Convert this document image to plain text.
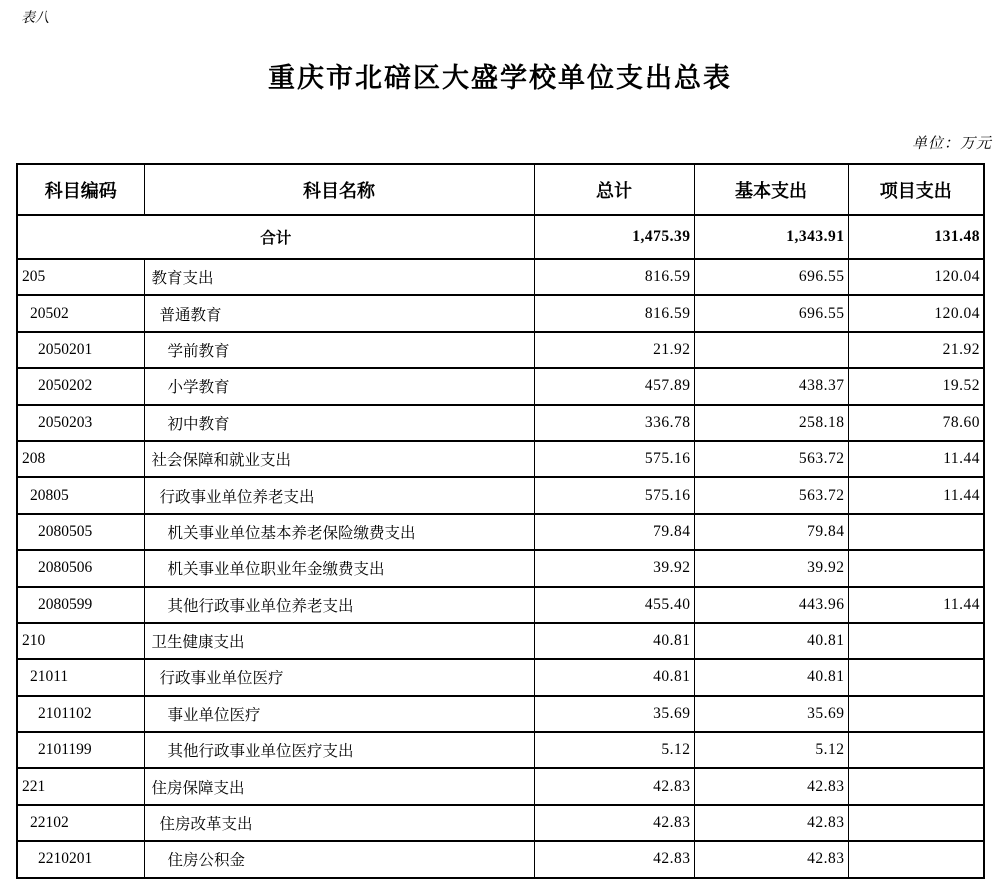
表八
重庆市北碚区大盛学校单位支出总表
单位：万元
科目编码	科目名称	总计	基本支出	项目支出
合计		1,475.39	1,343.91	131.48
205	教育支出	816.59	696.55	120.04
20502	普通教育	816.59	696.55	120.04
2050201	学前教育	21.92		21.92
2050202	小学教育	457.89	438.37	19.52
2050203	初中教育	336.78	258.18	78.60
208	社会保障和就业支出	575.16	563.72	11.44
20805	行政事业单位养老支出	575.16	563.72	11.44
2080505	机关事业单位基本养老保险缴费支出	79.84	79.84	
2080506	机关事业单位职业年金缴费支出	39.92	39.92	
2080599	其他行政事业单位养老支出	455.40	443.96	11.44
210	卫生健康支出	40.81	40.81	
21011	行政事业单位医疗	40.81	40.81	
2101102	事业单位医疗	35.69	35.69	
2101199	其他行政事业单位医疗支出	5.12	5.12	
221	住房保障支出	42.83	42.83	
22102	住房改革支出	42.83	42.83	
2210201	住房公积金	42.83	42.83	
